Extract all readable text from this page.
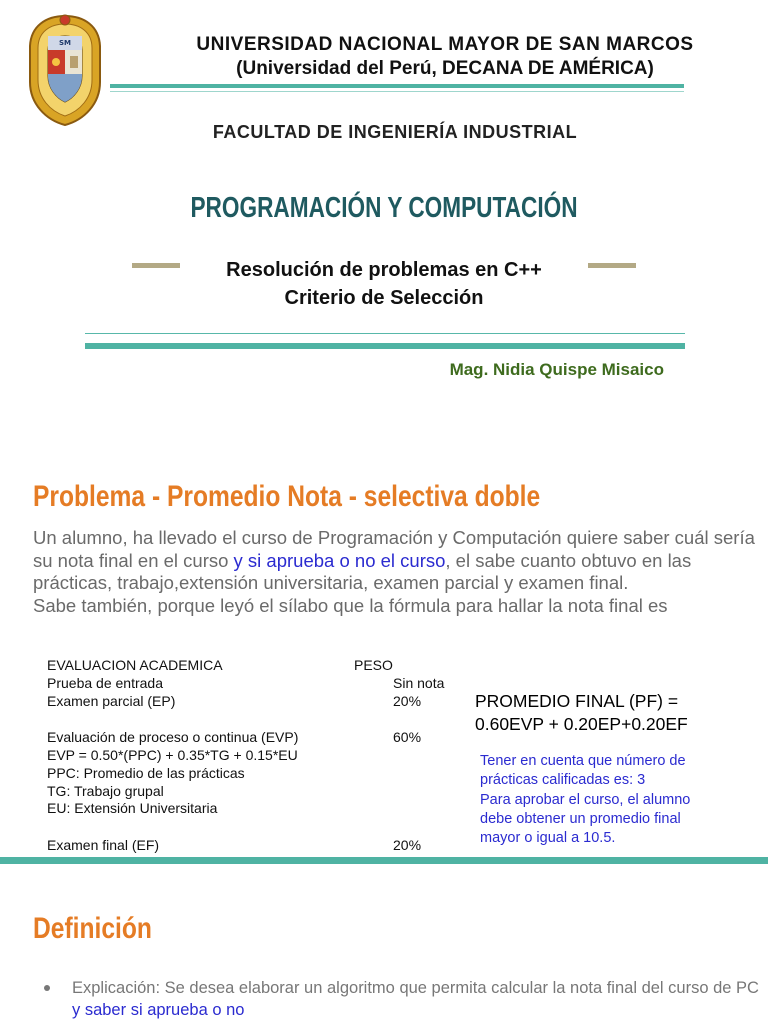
SM	UNIVERSIDAD NACIONAL MAYOR DE SAN MARCOS
(Universidad del Perú, DECANA DE AMÉRICA)
FACULTAD DE INGENIERÍA INDUSTRIAL
PROGRAMACIÓN Y COMPUTACIÓN
Resolución de problemas en C++
Criterio de Selección
Mag. Nidia Quispe Misaico
Problema - Promedio Nota - selectiva doble
Un alumno, ha llevado el curso de Programación y Computación quiere saber cuál sería su nota final en el curso y si aprueba o no el curso, el sabe cuanto obtuvo en las prácticas, trabajo,extensión universitaria, examen parcial y examen final.
Sabe también, porque leyó el sílabo que la fórmula para hallar la nota final es
EVALUACION ACADEMICA	PESO
Prueba de entrada	Sin nota
Examen parcial (EP)	20%
Evaluación de proceso o continua (EVP)	60%
EVP = 0.50*(PPC) + 0.35*TG + 0.15*EU
PPC: Promedio de las prácticas
TG: Trabajo grupal
EU: Extensión Universitaria
Examen final (EF)	20%
PROMEDIO FINAL (PF) =
0.60EVP + 0.20EP+0.20EF
Tener en cuenta que número de
prácticas calificadas es: 3
Para aprobar el curso, el alumno
debe obtener un promedio final
mayor o igual a 10.5.
Definición
Explicación: Se desea elaborar un algoritmo que permita calcular la nota final del curso de PC y saber si aprueba o no
